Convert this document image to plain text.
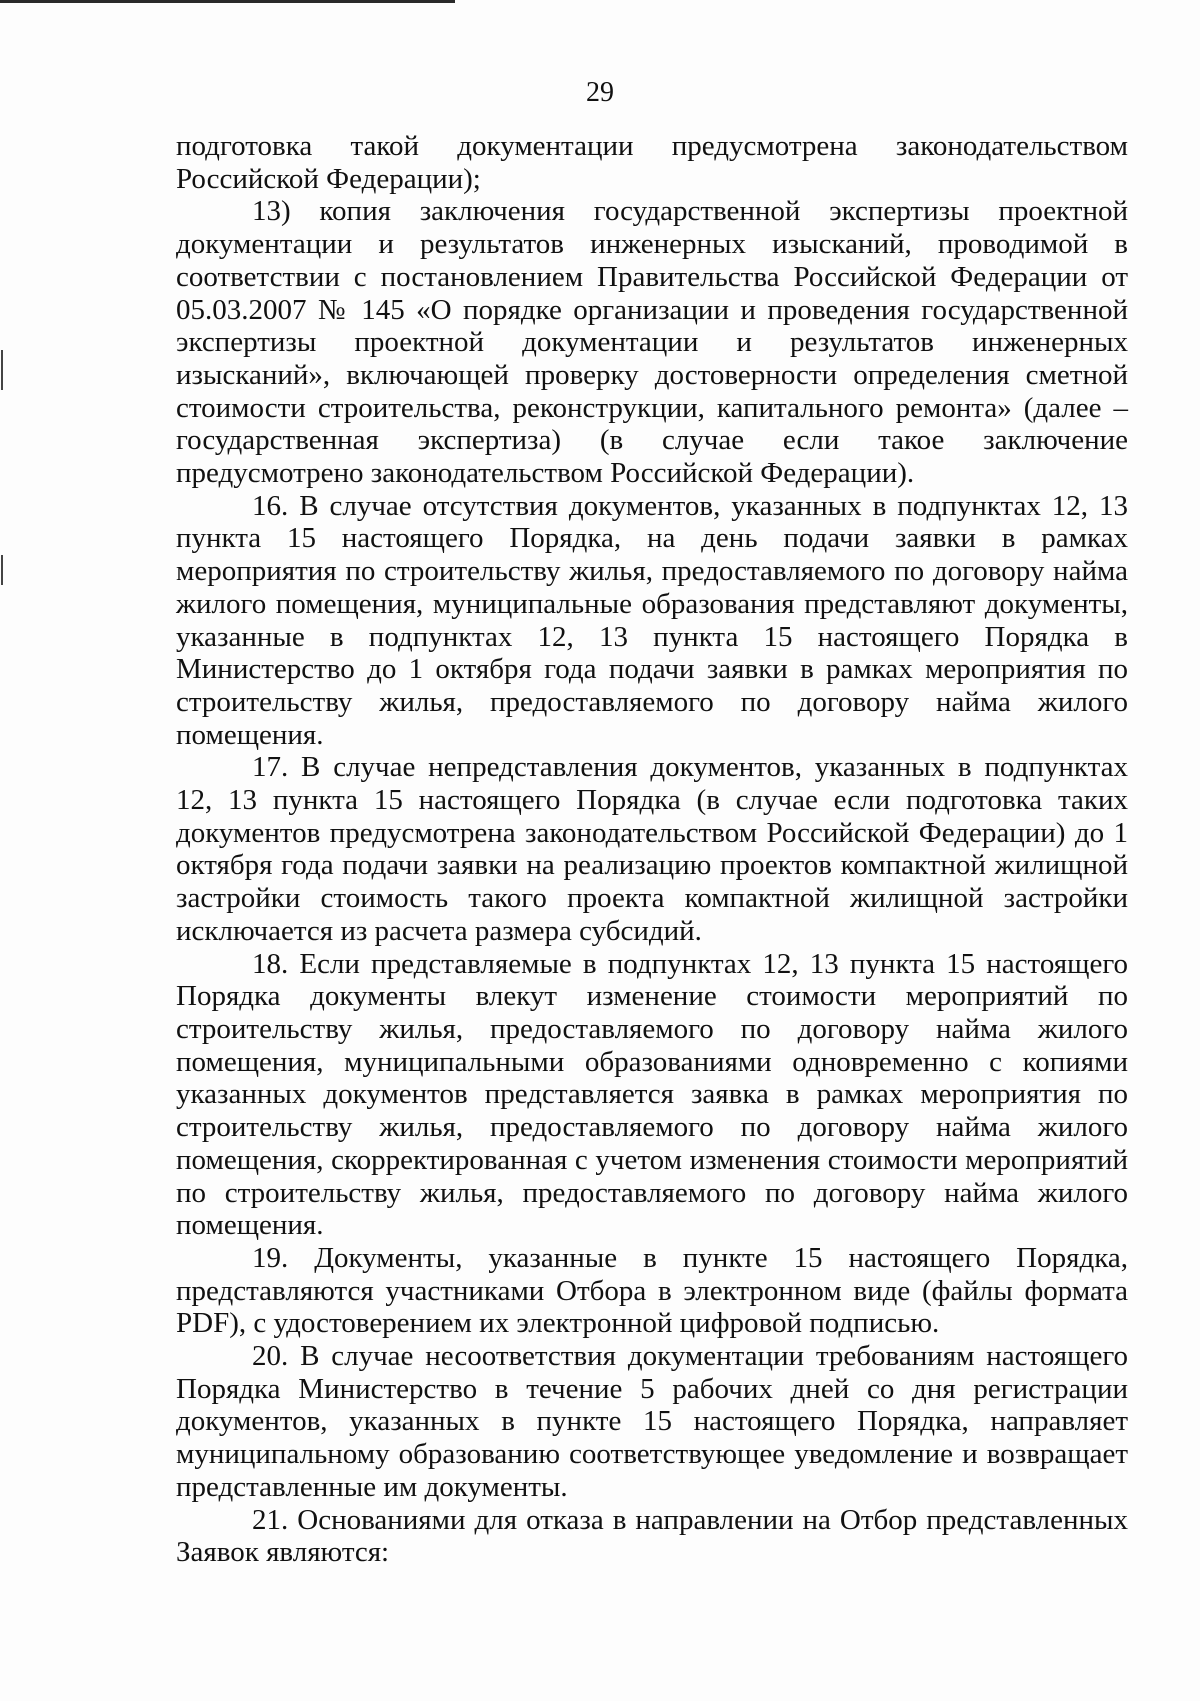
29

подготовка такой документации предусмотрена законодательством Российской Федерации);

13) копия заключения государственной экспертизы проектной документации и результатов инженерных изысканий, проводимой в соответствии с постановлением Правительства Российской Федерации от 05.03.2007 № 145 «О порядке организации и проведения государственной экспертизы проектной документации и результатов инженерных изысканий», включающей проверку достоверности определения сметной стоимости строительства, реконструкции, капитального ремонта» (далее – государственная экспертиза) (в случае если такое заключение предусмотрено законодательством Российской Федерации).

16. В случае отсутствия документов, указанных в подпунктах 12, 13 пункта 15 настоящего Порядка, на день подачи заявки в рамках мероприятия по строительству жилья, предоставляемого по договору найма жилого помещения, муниципальные образования представляют документы, указанные в подпунктах 12, 13 пункта 15 настоящего Порядка в Министерство до 1 октября года подачи заявки в рамках мероприятия по строительству жилья, предоставляемого по договору найма жилого помещения.

17. В случае непредставления документов, указанных в подпунктах 12, 13 пункта 15 настоящего Порядка (в случае если подготовка таких документов предусмотрена законодательством Российской Федерации) до 1 октября года подачи заявки на реализацию проектов компактной жилищной застройки стоимость такого проекта компактной жилищной застройки исключается из расчета размера субсидий.

18. Если представляемые в подпунктах 12, 13 пункта 15 настоящего Порядка документы влекут изменение стоимости мероприятий по строительству жилья, предоставляемого по договору найма жилого помещения, муниципальными образованиями одновременно с копиями указанных документов представляется заявка в рамках мероприятия по строительству жилья, предоставляемого по договору найма жилого помещения, скорректированная с учетом изменения стоимости мероприятий по строительству жилья, предоставляемого по договору найма жилого помещения.

19. Документы, указанные в пункте 15 настоящего Порядка, представляются участниками Отбора в электронном виде (файлы формата PDF), с удостоверением их электронной цифровой подписью.

20. В случае несоответствия документации требованиям настоящего Порядка Министерство в течение 5 рабочих дней со дня регистрации документов, указанных в пункте 15 настоящего Порядка, направляет муниципальному образованию соответствующее уведомление и возвращает представленные им документы.

21. Основаниями для отказа в направлении на Отбор представленных Заявок являются:
